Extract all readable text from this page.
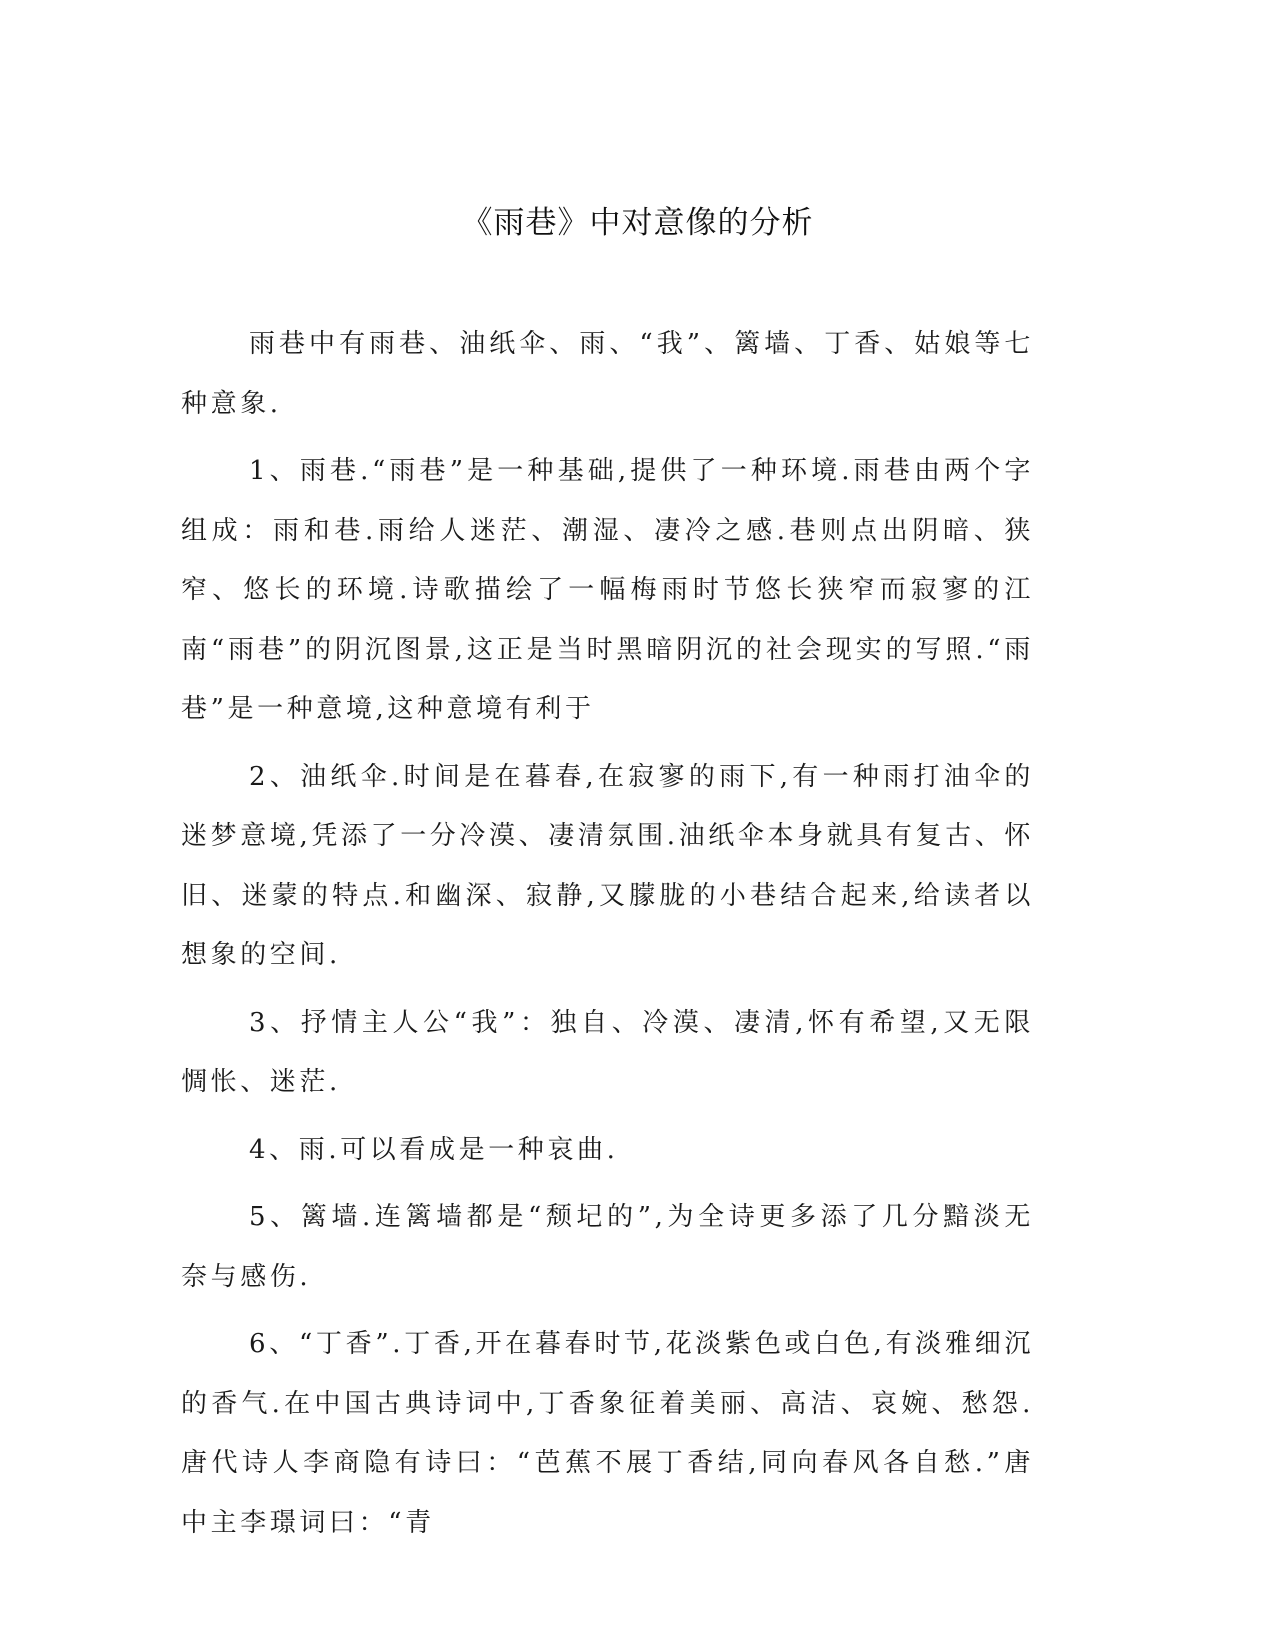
《雨巷》中对意像的分析

雨巷中有雨巷、油纸伞、雨、“我”、篱墙、丁香、姑娘等七种意象.

1、雨巷.“雨巷”是一种基础,提供了一种环境.雨巷由两个字组成：雨和巷.雨给人迷茫、潮湿、凄冷之感.巷则点出阴暗、狭窄、悠长的环境.诗歌描绘了一幅梅雨时节悠长狭窄而寂寥的江南“雨巷”的阴沉图景,这正是当时黑暗阴沉的社会现实的写照.“雨巷”是一种意境,这种意境有利于

2、油纸伞.时间是在暮春,在寂寥的雨下,有一种雨打油伞的迷梦意境,凭添了一分冷漠、凄清氛围.油纸伞本身就具有复古、怀旧、迷蒙的特点.和幽深、寂静,又朦胧的小巷结合起来,给读者以想象的空间.

3、抒情主人公“我”：独自、冷漠、凄清,怀有希望,又无限惆怅、迷茫.

4、雨.可以看成是一种哀曲.

5、篱墙.连篱墙都是“颓圮的”,为全诗更多添了几分黯淡无奈与感伤.

6、“丁香”.丁香,开在暮春时节,花淡紫色或白色,有淡雅细沉的香气.在中国古典诗词中,丁香象征着美丽、高洁、哀婉、愁怨.唐代诗人李商隐有诗曰：“芭蕉不展丁香结,同向春风各自愁.”唐中主李璟词曰：“青
